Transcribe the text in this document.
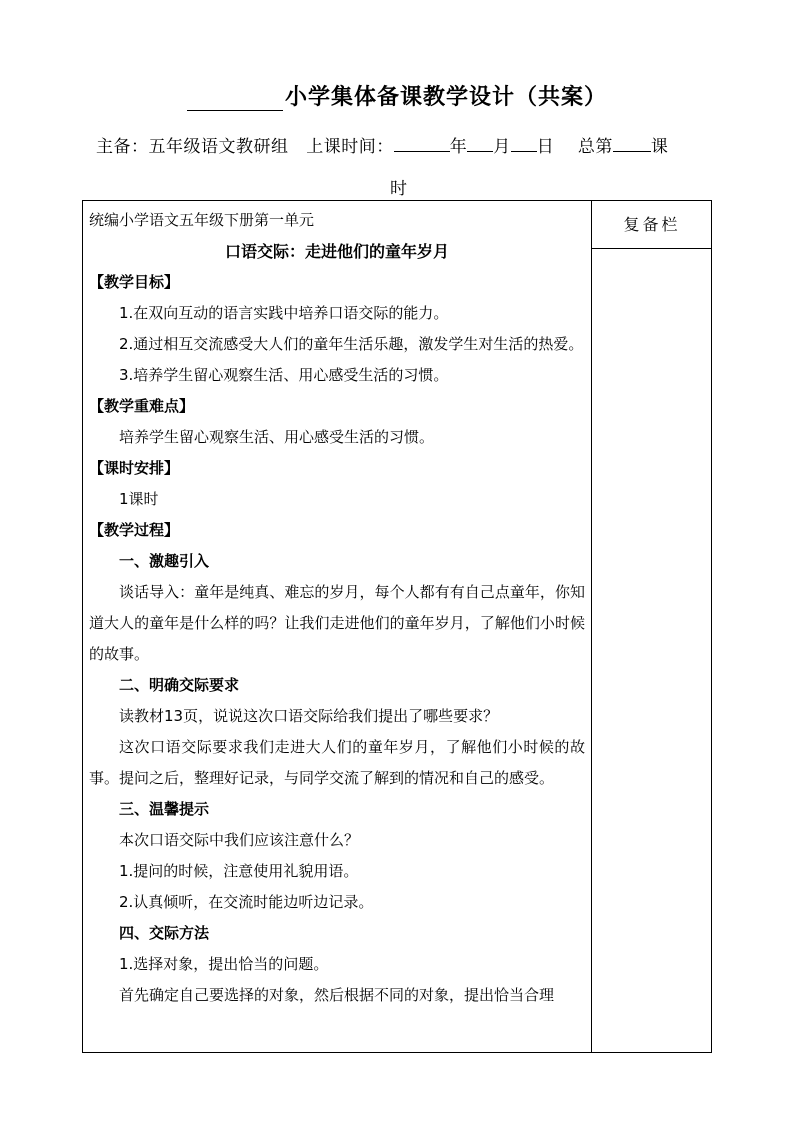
小学集体备课教学设计（共案）
主备：五年级语文教研组 上课时间：	年 月 日 总第 课
时
统编小学语文五年级下册第一单元
口语交际：走进他们的童年岁月
【教学目标】
1.在双向互动的语言实践中培养口语交际的能力。
2.通过相互交流感受大人们的童年生活乐趣，激发学生对生活的热爱。
3.培养学生留心观察生活、用心感受生活的习惯。
【教学重难点】
培养学生留心观察生活、用心感受生活的习惯。
【课时安排】
1课时
【教学过程】
一、激趣引入
谈话导入：童年是纯真、难忘的岁月，每个人都有有自己点童年，你知道大人的童年是什么样的吗？让我们走进他们的童年岁月，了解他们小时候的故事。
二、明确交际要求
读教材13页，说说这次口语交际给我们提出了哪些要求？
这次口语交际要求我们走进大人们的童年岁月，了解他们小时候的故事。提问之后，整理好记录，与同学交流了解到的情况和自己的感受。
三、温馨提示
本次口语交际中我们应该注意什么？
1.提问的时候，注意使用礼貌用语。
2.认真倾听，在交流时能边听边记录。
四、交际方法
1.选择对象，提出恰当的问题。
首先确定自己要选择的对象，然后根据不同的对象，提出恰当合理
复备栏
